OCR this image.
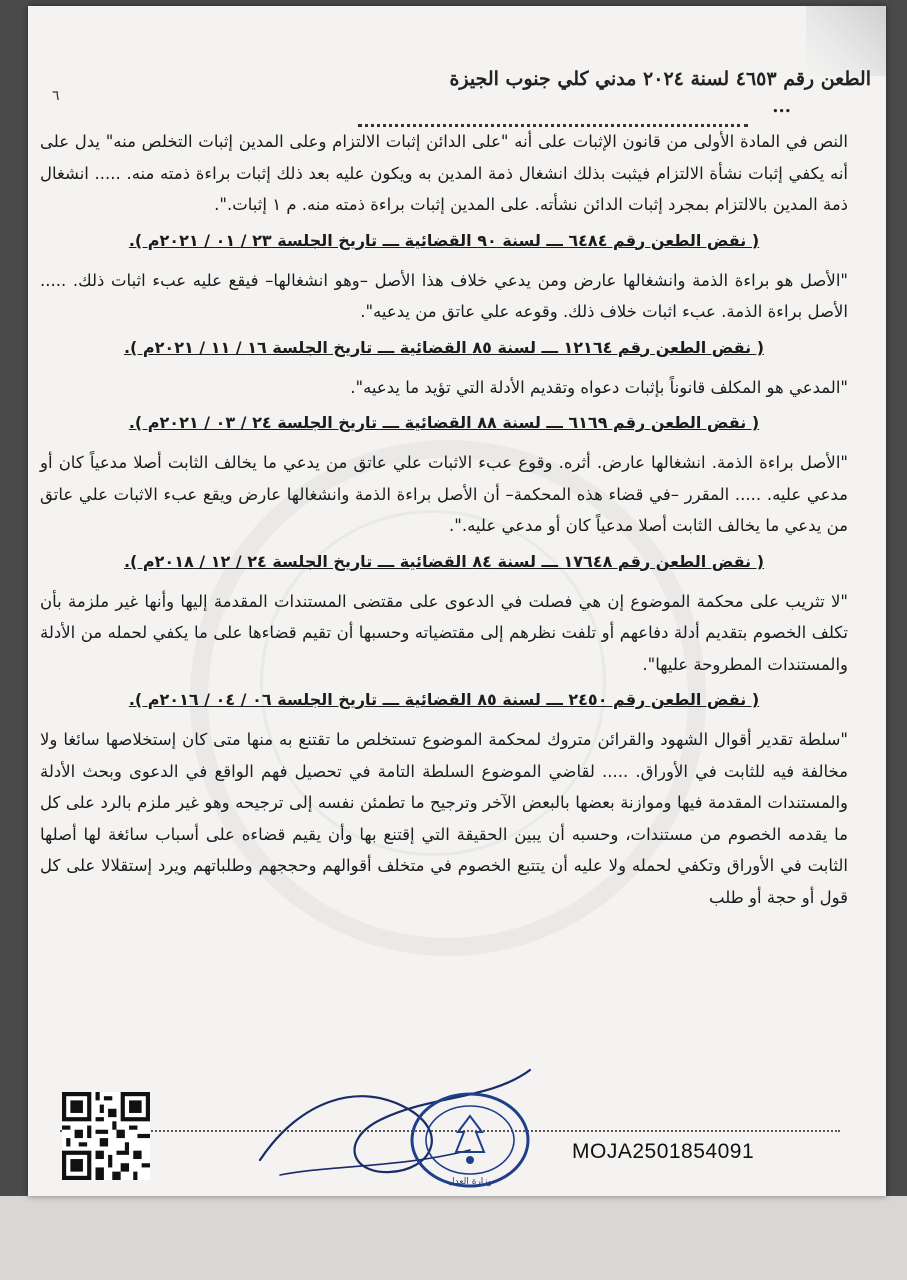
الطعن رقم ٤٦٥٣ لسنة ٢٠٢٤ مدني كلي جنوب الجيزة
...
٦

النص في المادة الأولى من قانون الإثبات على أنه "على الدائن إثبات الالتزام وعلى المدين إثبات التخلص منه" يدل على أنه يكفي إثبات نشأة الالتزام فيثبت بذلك انشغال ذمة المدين به ويكون عليه بعد ذلك إثبات براءة ذمته منه. ..... انشغال ذمة المدين بالالتزام بمجرد إثبات الدائن نشأته. على المدين إثبات براءة ذمته منه. م ١ إثبات.".

( نقض الطعن رقم ٦٤٨٤ ـــ لسنة ٩٠ القضائية ـــ تاريخ الجلسة ٢٣ / ٠١ / ٢٠٢١م ).

"الأصل هو براءة الذمة وانشغالها عارض ومن يدعي خلاف هذا الأصل –وهو انشغالها– فيقع عليه عبء اثبات ذلك. ..... الأصل براءة الذمة. عبء اثبات خلاف ذلك. وقوعه علي عاتق من يدعيه".

( نقض الطعن رقم ١٢١٦٤ ـــ لسنة ٨٥ القضائية ـــ تاريخ الجلسة ١٦ / ١١ / ٢٠٢١م ).

"المدعي هو المكلف قانوناً بإثبات دعواه وتقديم الأدلة التي تؤيد ما يدعيه".

( نقض الطعن رقم ٦١٦٩ ـــ لسنة ٨٨ القضائية ـــ تاريخ الجلسة ٢٤ / ٠٣ / ٢٠٢١م ).

"الأصل براءة الذمة. انشغالها عارض. أثره. وقوع عبء الاثبات علي عاتق من يدعي ما يخالف الثابت أصلا مدعياً كان أو مدعي عليه. ..... المقرر –في قضاء هذه المحكمة– أن الأصل براءة الذمة وانشغالها عارض ويقع عبء الاثبات علي عاتق من يدعي ما يخالف الثابت أصلا مدعياً كان أو مدعي عليه.".

( نقض الطعن رقم ١٧٦٤٨ ـــ لسنة ٨٤ القضائية ـــ تاريخ الجلسة ٢٤ / ١٢ / ٢٠١٨م ).

"لا تثريب على محكمة الموضوع إن هي فصلت في الدعوى على مقتضى المستندات المقدمة إليها وأنها غير ملزمة بأن تكلف الخصوم بتقديم أدلة دفاعهم أو تلفت نظرهم إلى مقتضياته وحسبها أن تقيم قضاءها على ما يكفي لحمله من الأدلة والمستندات المطروحة عليها".

( نقض الطعن رقم ٢٤٥٠ ـــ لسنة ٨٥ القضائية ـــ تاريخ الجلسة ٠٦ / ٠٤ / ٢٠١٦م ).

"سلطة تقدير أقوال الشهود والقرائن متروك لمحكمة الموضوع تستخلص ما تقتنع به منها متى كان إستخلاصها سائغا ولا مخالفة فيه للثابت في الأوراق. ..... لقاضي الموضوع السلطة التامة في تحصيل فهم الواقع في الدعوى وبحث الأدلة والمستندات المقدمة فيها وموازنة بعضها بالبعض الآخر وترجيح ما تطمئن نفسه إلى ترجيحه وهو غير ملزم بالرد على كل ما يقدمه الخصوم من مستندات، وحسبه أن يبين الحقيقة التي إقتنع بها وأن يقيم قضاءه على أسباب سائغة لها أصلها الثابت في الأوراق وتكفي لحمله ولا عليه أن يتتبع الخصوم في متخلف أقوالهم وحججهم وطلباتهم ويرد إستقلالا على كل قول أو حجة أو طلب

وزارة العدل
MOJA2501854091
